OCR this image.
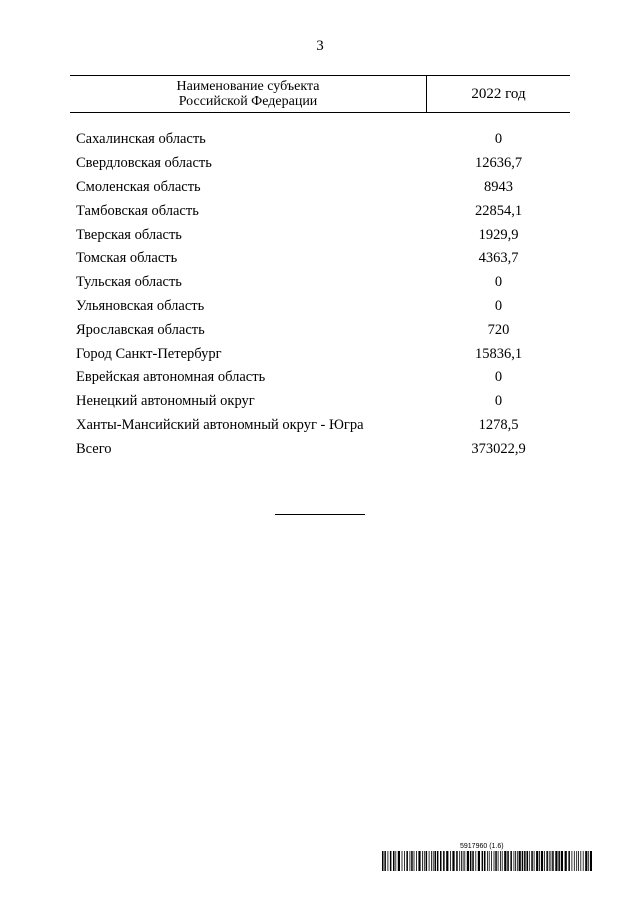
3
Наименование субъекта
Российской Федерации	2022 год
Сахалинская область	0
Свердловская область	12636,7
Смоленская область	8943
Тамбовская область	22854,1
Тверская область	1929,9
Томская область	4363,7
Тульская область	0
Ульяновская область	0
Ярославская область	720
Город Санкт-Петербург	15836,1
Еврейская автономная область	0
Ненецкий автономный округ	0
Ханты-Мансийский автономный округ - Югра	1278,5
Всего	373022,9
5917960 (1.6)
